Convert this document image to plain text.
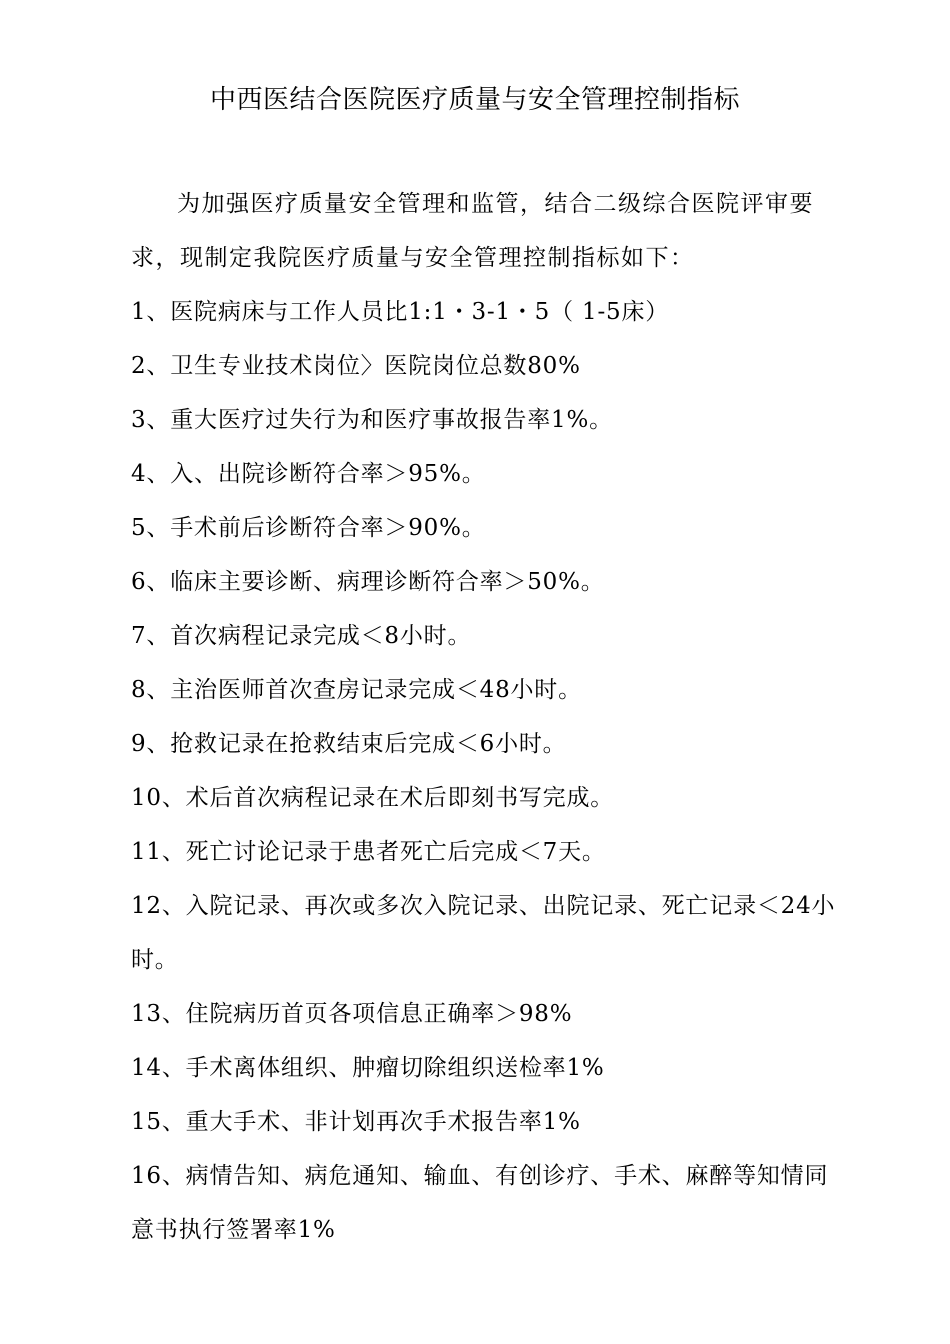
中西医结合医院医疗质量与安全管理控制指标

为加强医疗质量安全管理和监管，结合二级综合医院评审要求，现制定我院医疗质量与安全管理控制指标如下：

1、医院病床与工作人员比1:1・3-1・5（ 1-5床）
2、卫生专业技术岗位〉医院岗位总数80%
3、重大医疗过失行为和医疗事故报告率1%。
4、入、出院诊断符合率＞95%。
5、手术前后诊断符合率＞90%。
6、临床主要诊断、病理诊断符合率＞50%。
7、首次病程记录完成＜8小时。
8、主治医师首次查房记录完成＜48小时。
9、抢救记录在抢救结束后完成＜6小时。
10、术后首次病程记录在术后即刻书写完成。
11、死亡讨论记录于患者死亡后完成＜7天。
12、入院记录、再次或多次入院记录、出院记录、死亡记录＜24小时。
13、住院病历首页各项信息正确率＞98%
14、手术离体组织、肿瘤切除组织送检率1%
15、重大手术、非计划再次手术报告率1%
16、病情告知、病危通知、输血、有创诊疗、手术、麻醉等知情同意书执行签署率1%
